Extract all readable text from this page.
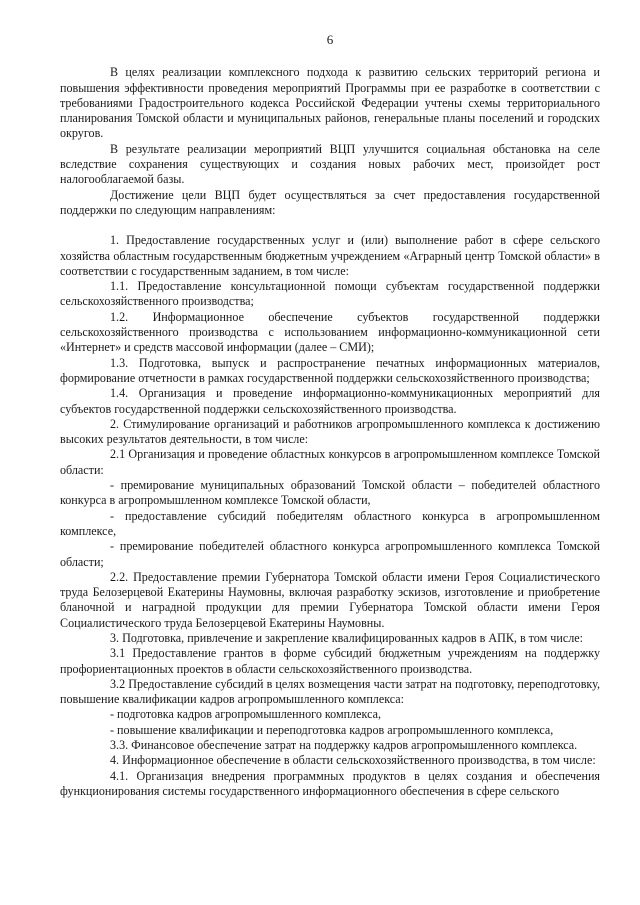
6

В целях реализации комплексного подхода к развитию сельских территорий региона и повышения эффективности проведения мероприятий Программы при ее разработке в соответствии с требованиями Градостроительного кодекса Российской Федерации учтены схемы территориального планирования Томской области и муниципальных районов, генеральные планы поселений и городских округов.

В результате реализации мероприятий ВЦП улучшится социальная обстановка на селе вследствие сохранения существующих и создания новых рабочих мест, произойдет рост налогооблагаемой базы.

Достижение цели ВЦП будет осуществляться за счет предоставления государственной поддержки по следующим направлениям:

1. Предоставление государственных услуг и (или) выполнение работ в сфере сельского хозяйства областным государственным бюджетным учреждением «Аграрный центр Томской области» в соответствии с государственным заданием, в том числе:

1.1. Предоставление консультационной помощи субъектам государственной поддержки сельскохозяйственного производства;

1.2. Информационное обеспечение субъектов государственной поддержки сельскохозяйственного производства с использованием информационно-коммуникационной сети «Интернет» и средств массовой информации (далее – СМИ);

1.3. Подготовка, выпуск и распространение печатных информационных материалов, формирование отчетности в рамках государственной поддержки сельскохозяйственного производства;

1.4. Организация и проведение информационно-коммуникационных мероприятий для субъектов государственной поддержки сельскохозяйственного производства.

2. Стимулирование организаций и работников агропромышленного комплекса к достижению высоких результатов деятельности, в том числе:

2.1 Организация и проведение областных конкурсов в агропромышленном комплексе Томской области:

- премирование муниципальных образований Томской области – победителей областного конкурса в агропромышленном комплексе Томской области,

- предоставление субсидий победителям областного конкурса в агропромышленном комплексе,

- премирование победителей областного конкурса агропромышленного комплекса Томской области;

2.2. Предоставление премии Губернатора Томской области имени Героя Социалистического труда Белозерцевой Екатерины Наумовны, включая разработку эскизов, изготовление и приобретение бланочной и наградной продукции для премии Губернатора Томской области имени Героя Социалистического труда Белозерцевой Екатерины Наумовны.

3. Подготовка, привлечение и закрепление квалифицированных кадров в АПК, в том числе:

3.1 Предоставление грантов в форме субсидий бюджетным учреждениям на поддержку профориентационных проектов в области сельскохозяйственного производства.

3.2 Предоставление субсидий в целях возмещения части затрат на подготовку, переподготовку, повышение квалификации кадров агропромышленного комплекса:

- подготовка кадров агропромышленного комплекса,

- повышение квалификации и переподготовка кадров агропромышленного комплекса,

3.3. Финансовое обеспечение затрат на поддержку кадров агропромышленного комплекса.

4. Информационное обеспечение в области сельскохозяйственного производства, в том числе:

4.1. Организация внедрения программных продуктов в целях создания и обеспечения функционирования системы государственного информационного обеспечения в сфере сельского
